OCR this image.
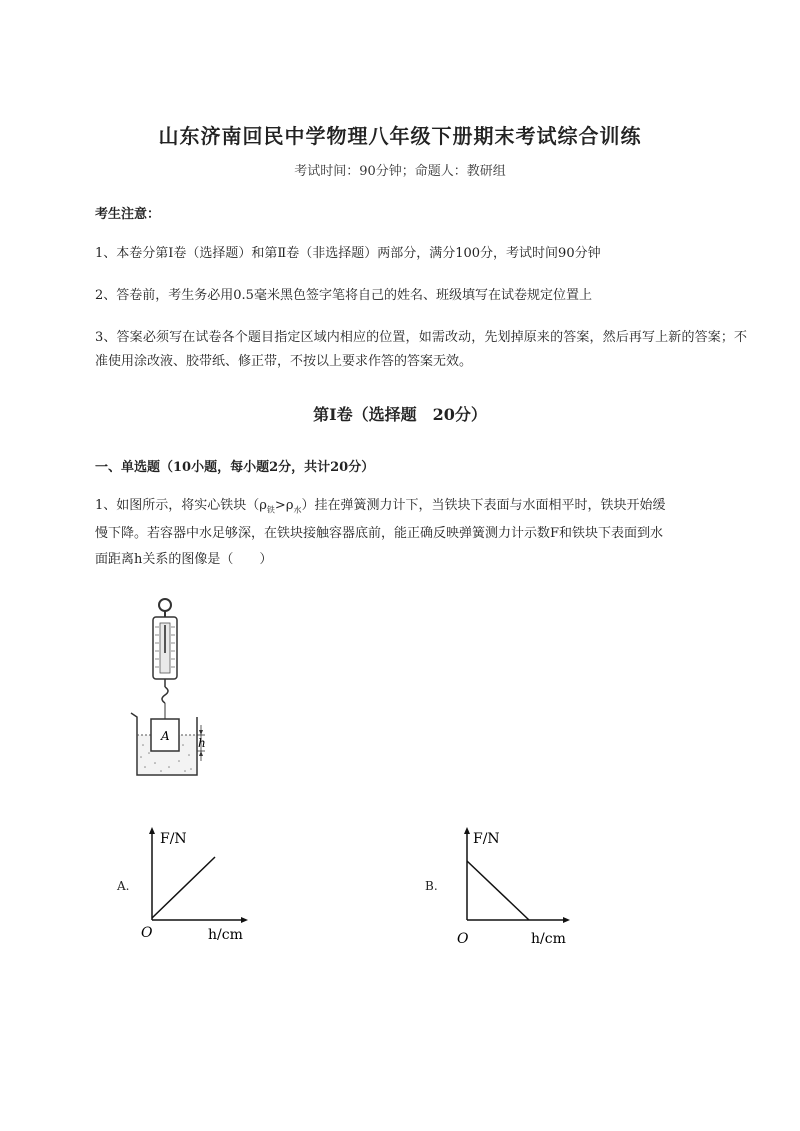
山东济南回民中学物理八年级下册期末考试综合训练
考试时间：90分钟；命题人：教研组
考生注意：
1、本卷分第I卷（选择题）和第Ⅱ卷（非选择题）两部分，满分100分，考试时间90分钟
2、答卷前，考生务必用0.5毫米黑色签字笔将自己的姓名、班级填写在试卷规定位置上
3、答案必须写在试卷各个题目指定区域内相应的位置，如需改动，先划掉原来的答案，然后再写上新的答案；不准使用涂改液、胶带纸、修正带，不按以上要求作答的答案无效。
第I卷（选择题　20分）
一、单选题（10小题，每小题2分，共计20分）
1、如图所示，将实心铁块$(\rho_铁>\rho_水)$挂在弹簧测力计下，当铁块下表面与水面相平时，铁块开始缓
慢下降。若容器中水足够深，在铁块接触容器底前，能正确反映弹簧测力计示数F和铁块下表面到水
面距离h关系的图像是（　　）
A h
A.
F/N
h/cm
O
B.
F/N
h/cm
O
